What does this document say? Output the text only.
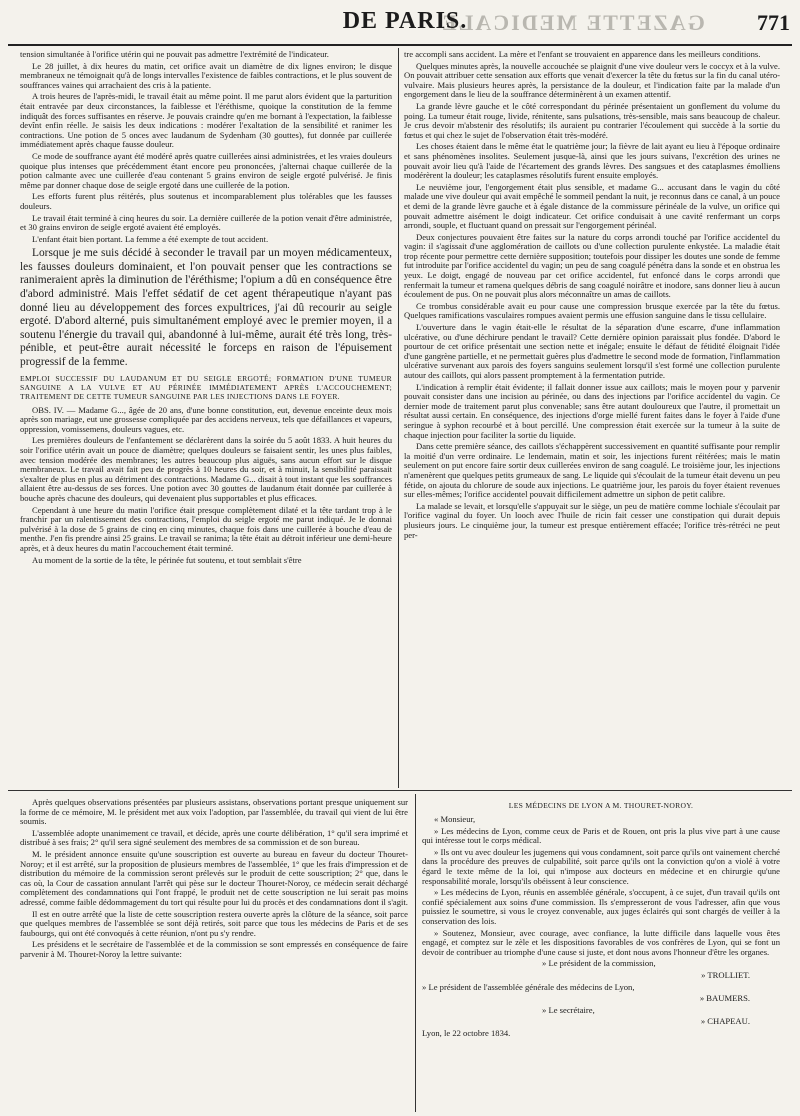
GAZETTE MEDICALE
DE PARIS.	771

tension simultanée à l'orifice utérin qui ne pouvait pas admettre l'extrémité de l'indicateur.

Le 28 juillet, à dix heures du matin, cet orifice avait un diamètre de dix lignes environ; le disque membraneux ne témoignait qu'à de longs intervalles l'existence de faibles contractions, et le plus souvent de souffrances vaines qui arrachaient des cris à la patiente.

A trois heures de l'après-midi, le travail était au même point. Il me parut alors évident que la parturition était entravée par deux circonstances, la faiblesse et l'éréthisme, quoique la constitution de la femme indiquât des forces suffisantes en réserve. Je pouvais craindre qu'en me bornant à l'expectation, la faiblesse devînt enfin réelle. Je saisis les deux indications : modérer l'exaltation de la sensibilité et ranimer les contractions. Une potion de 5 onces avec laudanum de Sydenham (30 gouttes), fut donnée par cuillerée immédiatement après chaque fausse douleur.

Ce mode de souffrance ayant été modéré après quatre cuillerées ainsi administrées, et les vraies douleurs quoique plus intenses que précédemment étant encore peu prononcées, j'alternai chaque cuillerée de la potion calmante avec une cuillerée d'eau contenant 5 grains environ de seigle ergoté pulvérisé. Je finis même par donner chaque dose de seigle ergoté dans une cuillerée de la potion.

Les efforts furent plus réitérés, plus soutenus et incomparablement plus tolérables que les fausses douleurs.

Le travail était terminé à cinq heures du soir. La dernière cuillerée de la potion venait d'être administrée, et 30 grains environ de seigle ergoté avaient été employés.

L'enfant était bien portant. La femme a été exempte de tout accident.

Lorsque je me suis décidé à seconder le travail par un moyen médicamenteux, les fausses douleurs dominaient, et l'on pouvait penser que les contractions se ranimeraient après la diminution de l'éréthisme; l'opium a dû en conséquence être d'abord administré. Mais l'effet sédatif de cet agent thérapeutique n'ayant pas donné lieu au développement des forces expultrices, j'ai dû recourir au seigle ergoté. D'abord alterné, puis simultanément employé avec le premier moyen, il a soutenu l'énergie du travail qui, abandonné à lui-même, aurait été très long, très-pénible, et peut-être aurait nécessité le forceps en raison de l'épuisement progressif de la femme.

EMPLOI SUCCESSIF DU LAUDANUM ET DU SEIGLE ERGOTÉ; FORMATION D'UNE TUMEUR SANGUINE A LA VULVE ET AU PÉRINÉE IMMÉDIATEMENT APRÈS L'ACCOUCHEMENT; TRAITEMENT DE CETTE TUMEUR SANGUINE PAR LES INJECTIONS DANS LE FOYER.

OBS. IV. — Madame G..., âgée de 20 ans, d'une bonne constitution, eut, devenue enceinte deux mois après son mariage, eut une grossesse compliquée par des accidens nerveux, tels que défaillances et vapeurs, oppression, vomissemens, douleurs vagues, etc.

Les premières douleurs de l'enfantement se déclarèrent dans la soirée du 5 août 1833. A huit heures du soir l'orifice utérin avait un pouce de diamètre; quelques douleurs se faisaient sentir, les unes plus faibles, avec tension modérée des membranes; les autres beaucoup plus aiguës, sans aucun effort sur le disque membraneux. Le travail avait fait peu de progrès à 10 heures du soir, et à minuit, la sensibilité paraissait s'exalter de plus en plus au détriment des contractions. Madame G... disait à tout instant que les souffrances allaient être au-dessus de ses forces. Une potion avec 30 gouttes de laudanum était donnée par cuillerée à bouche après chacune des douleurs, qui devenaient plus supportables et plus efficaces.

Cependant à une heure du matin l'orifice était presque complètement dilaté et la tête tardant trop à le franchir par un ralentissement des contractions, l'emploi du seigle ergoté me parut indiqué. Je le donnai pulvérisé à la dose de 5 grains de cinq en cinq minutes, chaque fois dans une cuillerée à bouche d'eau de menthe. J'en fis prendre ainsi 25 grains. Le travail se ranima; la tête était au détroit inférieur une demi-heure après, et à deux heures du matin l'accouchement était terminé.

Au moment de la sortie de la tête, le périnée fut soutenu, et tout semblait s'être

tre accompli sans accident. La mère et l'enfant se trouvaient en apparence dans les meilleurs conditions.

Quelques minutes après, la nouvelle accouchée se plaignit d'une vive douleur vers le coccyx et à la vulve. On pouvait attribuer cette sensation aux efforts que venait d'exercer la tête du fœtus sur la fin du canal utéro-vulvaire. Mais plusieurs heures après, la persistance de la douleur, et l'indication faite par la malade d'un engorgement dans le lieu de la souffrance déterminèrent à un examen attentif.

La grande lèvre gauche et le côté correspondant du périnée présentaient un gonflement du volume du poing. La tumeur était rouge, livide, rénitente, sans pulsations, très-sensible, mais sans beaucoup de chaleur. Je crus devoir m'abstenir des résolutifs; ils auraient pu contrarier l'écoulement qui succède à la sortie du fœtus et qui chez le sujet de l'observation était très-modéré.

Les choses étaient dans le même état le quatrième jour; la fièvre de lait ayant eu lieu à l'époque ordinaire et sans phénomènes insolites. Seulement jusque-là, ainsi que les jours suivans, l'excrétion des urines ne pouvait avoir lieu qu'à l'aide de l'écartement des grands lèvres. Des sangsues et des cataplasmes émolliens modérèrent la douleur; les cataplasmes résolutifs furent ensuite employés.

Le neuvième jour, l'engorgement était plus sensible, et madame G... accusant dans le vagin du côté malade une vive douleur qui avait empêché le sommeil pendant la nuit, je reconnus dans ce canal, à un pouce et demi de la grande lèvre gauche et à égale distance de la commissure périnéale de la vulve, un orifice qui pouvait admettre aisément le doigt indicateur. Cet orifice conduisait à une cavité renfermant un corps arrondi, souple, et fluctuant quand on pressait sur l'engorgement périnéal.

Deux conjectures pouvaient être faites sur la nature du corps arrondi touché par l'orifice accidentel du vagin: il s'agissait d'une agglomération de caillots ou d'une collection purulente enkystée. La maladie était trop récente pour permettre cette dernière supposition; toutefois pour dissiper les doutes une sonde de femme fut introduite par l'orifice accidentel du vagin; un peu de sang coagulé pénétra dans la sonde et en obstrua les yeux. Le doigt, engagé de nouveau par cet orifice accidentel, fut enfoncé dans le corps arrondi que renfermait la tumeur et ramena quelques débris de sang coagulé noirâtre et inodore, sans donner lieu à aucun écoulement de pus. On ne pouvait plus alors méconnaître un amas de caillots.

Ce trombus considérable avait eu pour cause une compression brusque exercée par la tête du fœtus. Quelques ramifications vasculaires rompues avaient permis une effusion sanguine dans le tissu cellulaire.

L'ouverture dans le vagin était-elle le résultat de la séparation d'une escarre, d'une inflammation ulcérative, ou d'une déchirure pendant le travail? Cette dernière opinion paraissait plus fondée. D'abord le pourtour de cet orifice présentait une section nette et inégale; ensuite le défaut de fétidité éloignait l'idée d'une gangrène partielle, et ne permettait guères plus d'admettre le second mode de formation, l'inflammation ulcérative survenant aux parois des foyers sanguins seulement lorsqu'il s'est formé une collection purulente autour des caillots, qui alors passent promptement à la fermentation putride.

L'indication à remplir était évidente; il fallait donner issue aux caillots; mais le moyen pour y parvenir pouvait consister dans une incision au périnée, ou dans des injections par l'orifice accidentel du vagin. Ce dernier mode de traitement parut plus convenable; sans être autant douloureux que l'autre, il promettait un résultat aussi certain. En conséquence, des injections d'orge miellé furent faites dans le foyer à l'aide d'une seringue à syphon recourbé et à bout percillé. Une compression était exercée sur la tumeur à la suite de chaque injection pour faciliter la sortie du liquide.

Dans cette première séance, des caillots s'échappèrent successivement en quantité suffisante pour remplir la moitié d'un verre ordinaire. Le lendemain, matin et soir, les injections furent réitérées; mais le matin seulement on put encore faire sortir deux cuillerées environ de sang coagulé. Le troisième jour, les injections n'amenèrent que quelques petits grumeaux de sang. Le liquide qui s'écoulait de la tumeur était devenu un peu fétide, on ajouta du chlorure de soude aux injections. Le quatrième jour, les parois du foyer étaient revenues sur elles-mêmes; l'orifice accidentel pouvait difficilement admettre un siphon de petit calibre.

La malade se levait, et lorsqu'elle s'appuyait sur le siège, un peu de matière comme lochiale s'écoulait par l'orifice vaginal du foyer. Un looch avec l'huile de ricin fait cesser une constipation qui durait depuis plusieurs jours. Le cinquième jour, la tumeur est presque entièrement effacée; l'orifice très-rétréci ne peut per-

Après quelques observations présentées par plusieurs assistans, observations portant presque uniquement sur la forme de ce mémoire, M. le président met aux voix l'adoption, par l'assemblée, du travail qui vient de lui être soumis.

L'assemblée adopte unanimement ce travail, et décide, après une courte délibération, 1° qu'il sera imprimé et distribué à ses frais; 2° qu'il sera signé seulement des membres de sa commission et de son bureau.

M. le président annonce ensuite qu'une souscription est ouverte au bureau en faveur du docteur Thouret-Noroy; et il est arrêté, sur la proposition de plusieurs membres de l'assemblée, 1° que les frais d'impression et de distribution du mémoire de la commission seront prélevés sur le produit de cette souscription; 2° que, dans le cas où, la Cour de cassation annulant l'arrêt qui pèse sur le docteur Thouret-Noroy, ce médecin serait déchargé complètement des condamnations qui l'ont frappé, le produit net de cette souscription ne lui serait pas moins adressé, comme faible dédommagement du tort qui résulte pour lui du procès et des condamnations dont il s'agit.

Il est en outre arrêté que la liste de cette souscription restera ouverte après la clôture de la séance, soit parce que quelques membres de l'assemblée se sont déjà retirés, soit parce que tous les médecins de Paris et de ses faubourgs, qui ont été convoqués à cette réunion, n'ont pu s'y rendre.

Les présidens et le secrétaire de l'assemblée et de la commission se sont empressés en conséquence de faire parvenir à M. Thouret-Noroy la lettre suivante:

LES MÉDECINS DE LYON A M. THOURET-NOROY.

« Monsieur,

» Les médecins de Lyon, comme ceux de Paris et de Rouen, ont pris la plus vive part à une cause qui intéresse tout le corps médical.

» Ils ont vu avec douleur les jugemens qui vous condamnent, soit parce qu'ils ont vainement cherché dans la procédure des preuves de culpabilité, soit parce qu'ils ont la conviction qu'on a violé à votre égard le texte même de la loi, qui n'impose aux docteurs en médecine et en chirurgie qu'une responsabilité morale, lorsqu'ils obéissent à leur conscience.

» Les médecins de Lyon, réunis en assemblée générale, s'occupent, à ce sujet, d'un travail qu'ils ont confié spécialement aux soins d'une commission. Ils s'empresseront de vous l'adresser, afin que vous puissiez le soumettre, si vous le croyez convenable, aux juges éclairés qui sont chargés de veiller à la conservation des lois.

» Soutenez, Monsieur, avec courage, avec confiance, la lutte difficile dans laquelle vous êtes engagé, et comptez sur le zèle et les dispositions favorables de vos confrères de Lyon, qui se font un devoir de contribuer au triomphe d'une cause si juste, et dont nous avons l'honneur d'être les organes.

» Le président de la commission,

» TROLLIET.

» Le président de l'assemblée générale des médecins de Lyon,

» BAUMERS.

» Le secrétaire,

» CHAPEAU.

Lyon, le 22 octobre 1834.
